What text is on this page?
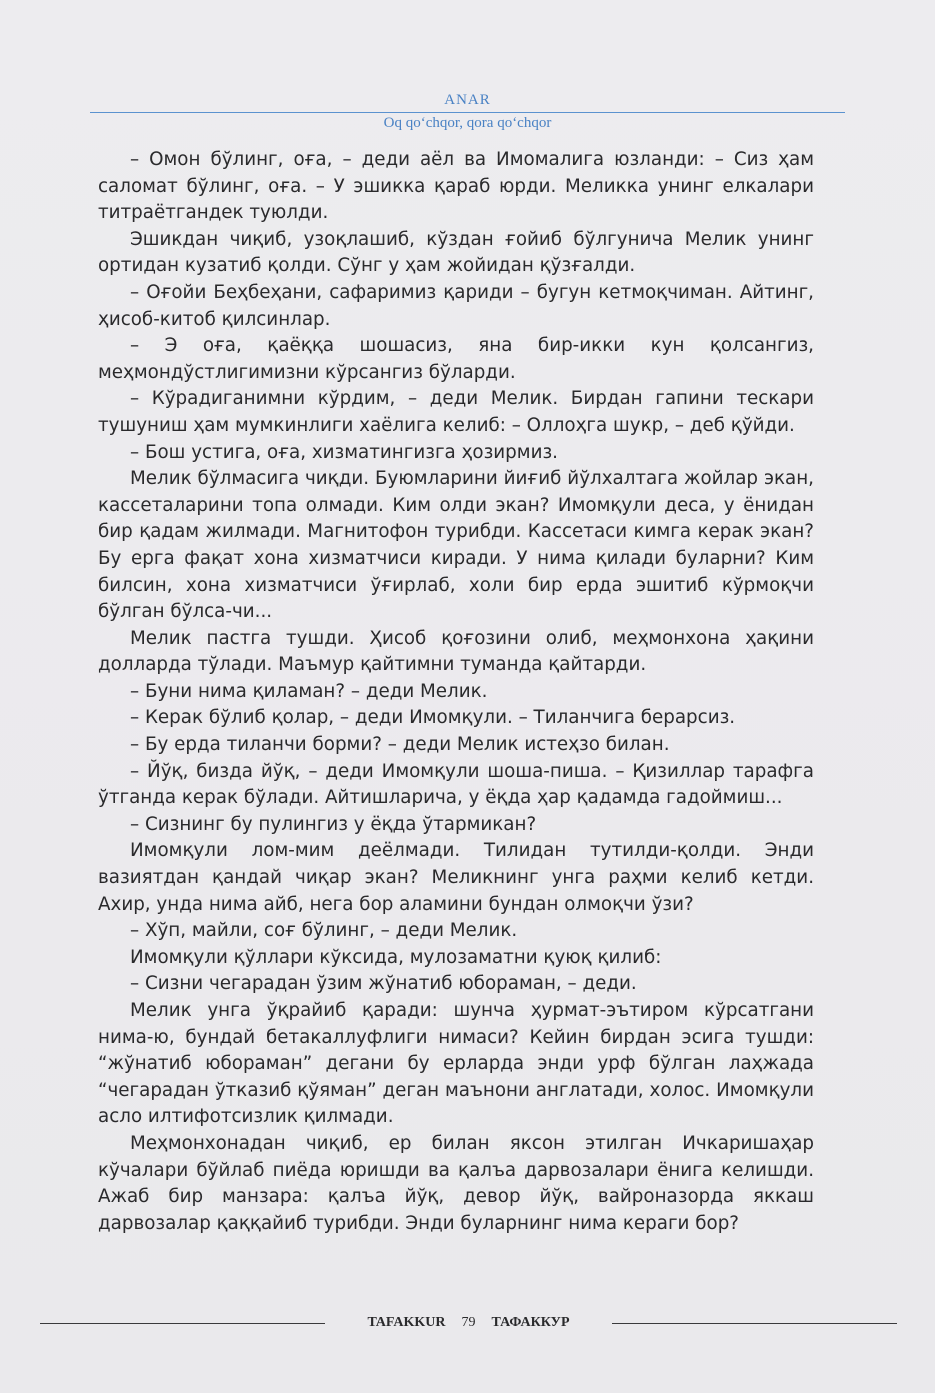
ANAR
Oq qo‘chqor, qora qo‘chqor

– Омон бўлинг, оға, – деди аёл ва Имомалига юзланди: – Сиз ҳам саломат бўлинг, оға. – У эшикка қараб юрди. Меликка унинг елкалари титраётгандек туюлди.

Эшикдан чиқиб, узоқлашиб, кўздан ғойиб бўлгунича Мелик унинг ортидан кузатиб қолди. Сўнг у ҳам жойидан қўзғалди.

– Оғойи Беҳбеҳани, сафаримиз қариди – бугун кетмоқчиман. Айтинг, ҳисоб-китоб қилсинлар.

– Э оға, қаёққа шошасиз, яна бир-икки кун қолсангиз, меҳмондўстлигимизни кўрсангиз бўларди.

– Кўрадиганимни кўрдим, – деди Мелик. Бирдан гапини тескари тушуниш ҳам мумкинлиги хаёлига келиб: – Оллоҳга шукр, – деб қўйди.

– Бош устига, оға, хизматингизга ҳозирмиз.

Мелик бўлмасига чиқди. Буюмларини йиғиб йўлхалтага жойлар экан, кассеталарини топа олмади. Ким олди экан? Имомқули деса, у ёнидан бир қадам жилмади. Магнитофон турибди. Кассетаси кимга керак экан? Бу ерга фақат хона хизматчиси киради. У нима қилади буларни? Ким билсин, хона хизматчиси ўғирлаб, холи бир ерда эшитиб кўрмоқчи бўлган бўлса-чи...

Мелик пастга тушди. Ҳисоб қоғозини олиб, меҳмонхона ҳақини долларда тўлади. Маъмур қайтимни туманда қайтарди.

– Буни нима қиламан? – деди Мелик.

– Керак бўлиб қолар, – деди Имомқули. – Тиланчига берарсиз.

– Бу ерда тиланчи борми? – деди Мелик истеҳзо билан.

– Йўқ, бизда йўқ, – деди Имомқули шоша-пиша. – Қизиллар тарафга ўтганда керак бўлади. Айтишларича, у ёқда ҳар қадамда гадоймиш...

– Сизнинг бу пулингиз у ёқда ўтармикан?

Имомқули лом-мим деёлмади. Тилидан тутилди-қолди. Энди вазиятдан қандай чиқар экан? Меликнинг унга раҳми келиб кетди. Ахир, унда нима айб, нега бор аламини бундан олмоқчи ўзи?

– Хўп, майли, соғ бўлинг, – деди Мелик.

Имомқули қўллари кўксида, мулозаматни қуюқ қилиб:

– Сизни чегарадан ўзим жўнатиб юбораман, – деди.

Мелик унга ўқрайиб қаради: шунча ҳурмат-эътиром кўрсатгани нима-ю, бундай бетакаллуфлиги нимаси? Кейин бирдан эсига тушди: “жўнатиб юбораман” дегани бу ерларда энди урф бўлган лаҳжада “чегарадан ўтказиб қўяман” деган маънони англатади, холос. Имомқули асло илтифотсизлик қилмади.

Меҳмонхонадан чиқиб, ер билан яксон этилган Ичкаришаҳар кўчалари бўйлаб пиёда юришди ва қалъа дарвозалари ёнига келишди. Ажаб бир манзара: қалъа йўқ, девор йўқ, вайроназорда яккаш дарвозалар қаққайиб турибди. Энди буларнинг нима кераги бор?

TAFAKKUR 79 ТАФАККУР
